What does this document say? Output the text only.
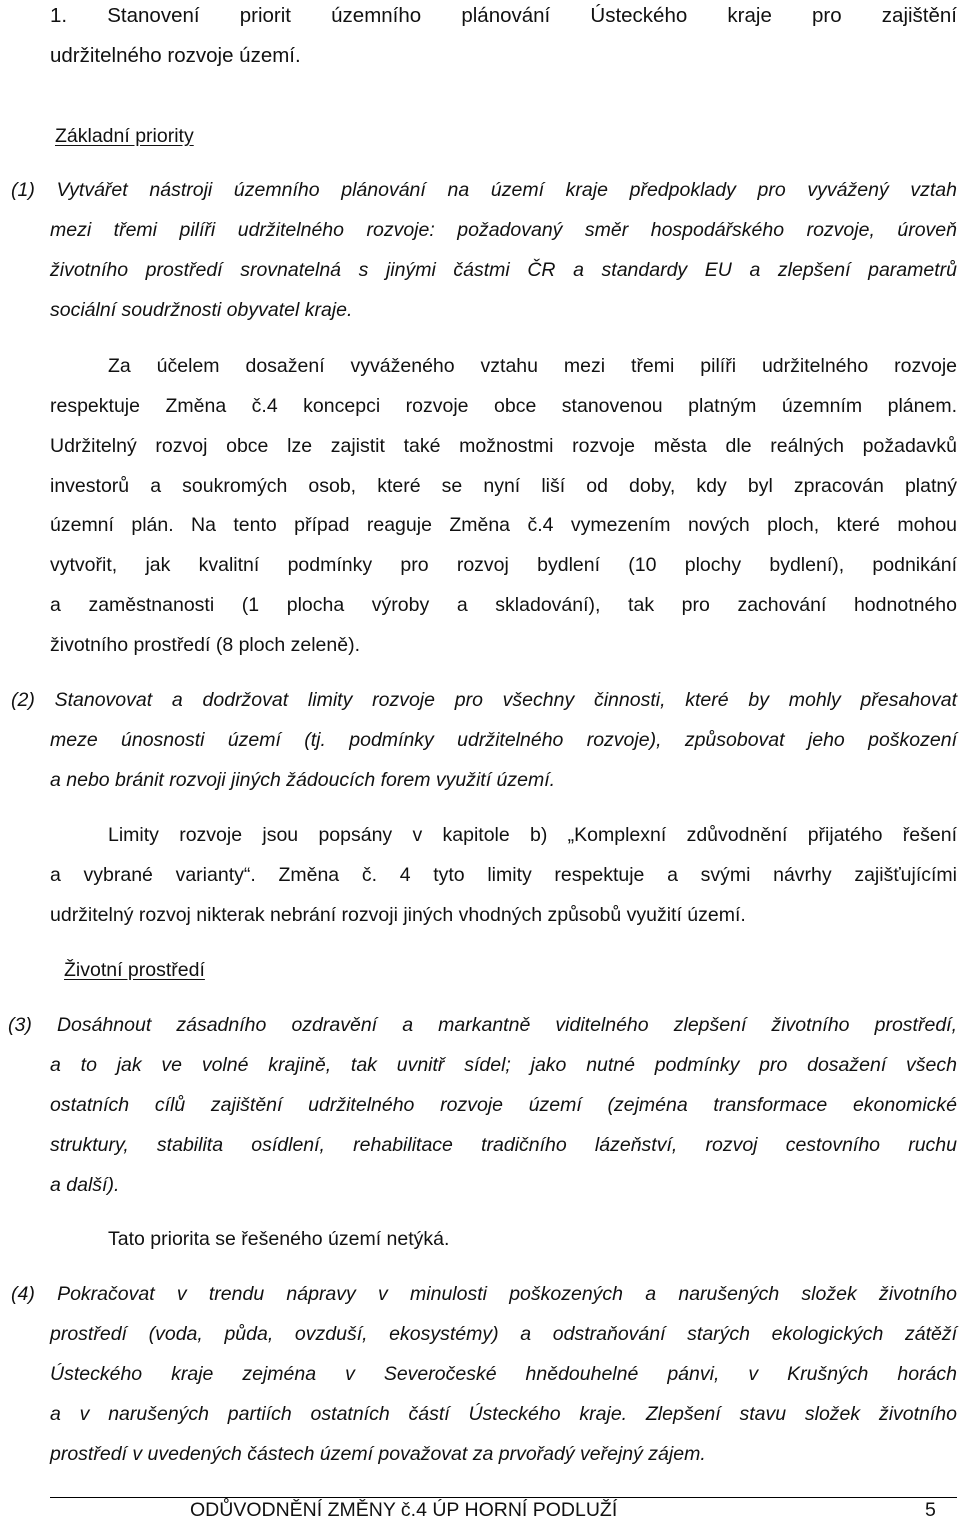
1. Stanovení priorit územního plánování Ústeckého kraje pro zajištění
udržitelného rozvoje území.
Základní priority
(1) Vytvářet nástroji územního plánování na území kraje předpoklady pro vyvážený vztah
mezi třemi pilíři udržitelného rozvoje: požadovaný směr hospodářského rozvoje, úroveň
životního prostředí srovnatelná s jinými částmi ČR a standardy EU a zlepšení parametrů
sociální soudržnosti obyvatel kraje.
Za účelem dosažení vyváženého vztahu mezi třemi pilíři udržitelného rozvoje
respektuje Změna č.4 koncepci rozvoje obce stanovenou platným územním plánem.
Udržitelný rozvoj obce lze zajistit také možnostmi rozvoje města dle reálných požadavků
investorů a soukromých osob, které se nyní liší od doby, kdy byl zpracován platný
územní plán. Na tento případ reaguje Změna č.4 vymezením nových ploch, které mohou
vytvořit, jak kvalitní podmínky pro rozvoj bydlení (10 plochy bydlení), podnikání
a zaměstnanosti (1 plocha výroby a skladování), tak pro zachování hodnotného
životního prostředí (8 ploch zeleně).
(2) Stanovovat a dodržovat limity rozvoje pro všechny činnosti, které by mohly přesahovat
meze únosnosti území (tj. podmínky udržitelného rozvoje), způsobovat jeho poškození
a nebo bránit rozvoji jiných žádoucích forem využití území.
Limity rozvoje jsou popsány v kapitole b) „Komplexní zdůvodnění přijatého řešení
a vybrané varianty“. Změna č. 4 tyto limity respektuje a svými návrhy zajišťujícími
udržitelný rozvoj nikterak nebrání rozvoji jiných vhodných způsobů využití území.
Životní prostředí
(3) Dosáhnout zásadního ozdravění a markantně viditelného zlepšení životního prostředí,
a to jak ve volné krajině, tak uvnitř sídel; jako nutné podmínky pro dosažení všech
ostatních cílů zajištění udržitelného rozvoje území (zejména transformace ekonomické
struktury, stabilita osídlení, rehabilitace tradičního lázeňství, rozvoj cestovního ruchu
a další).
Tato priorita se řešeného území netýká.
(4) Pokračovat v trendu nápravy v minulosti poškozených a narušených složek životního
prostředí (voda, půda, ovzduší, ekosystémy) a odstraňování starých ekologických zátěží
Ústeckého kraje zejména v Severočeské hnědouhelné pánvi, v Krušných horách
a v narušených partiích ostatních částí Ústeckého kraje. Zlepšení stavu složek životního
prostředí v uvedených částech území považovat za prvořadý veřejný zájem.
ODŮVODNĚNÍ ZMĚNY č.4 ÚP HORNÍ PODLUŽÍ	5
